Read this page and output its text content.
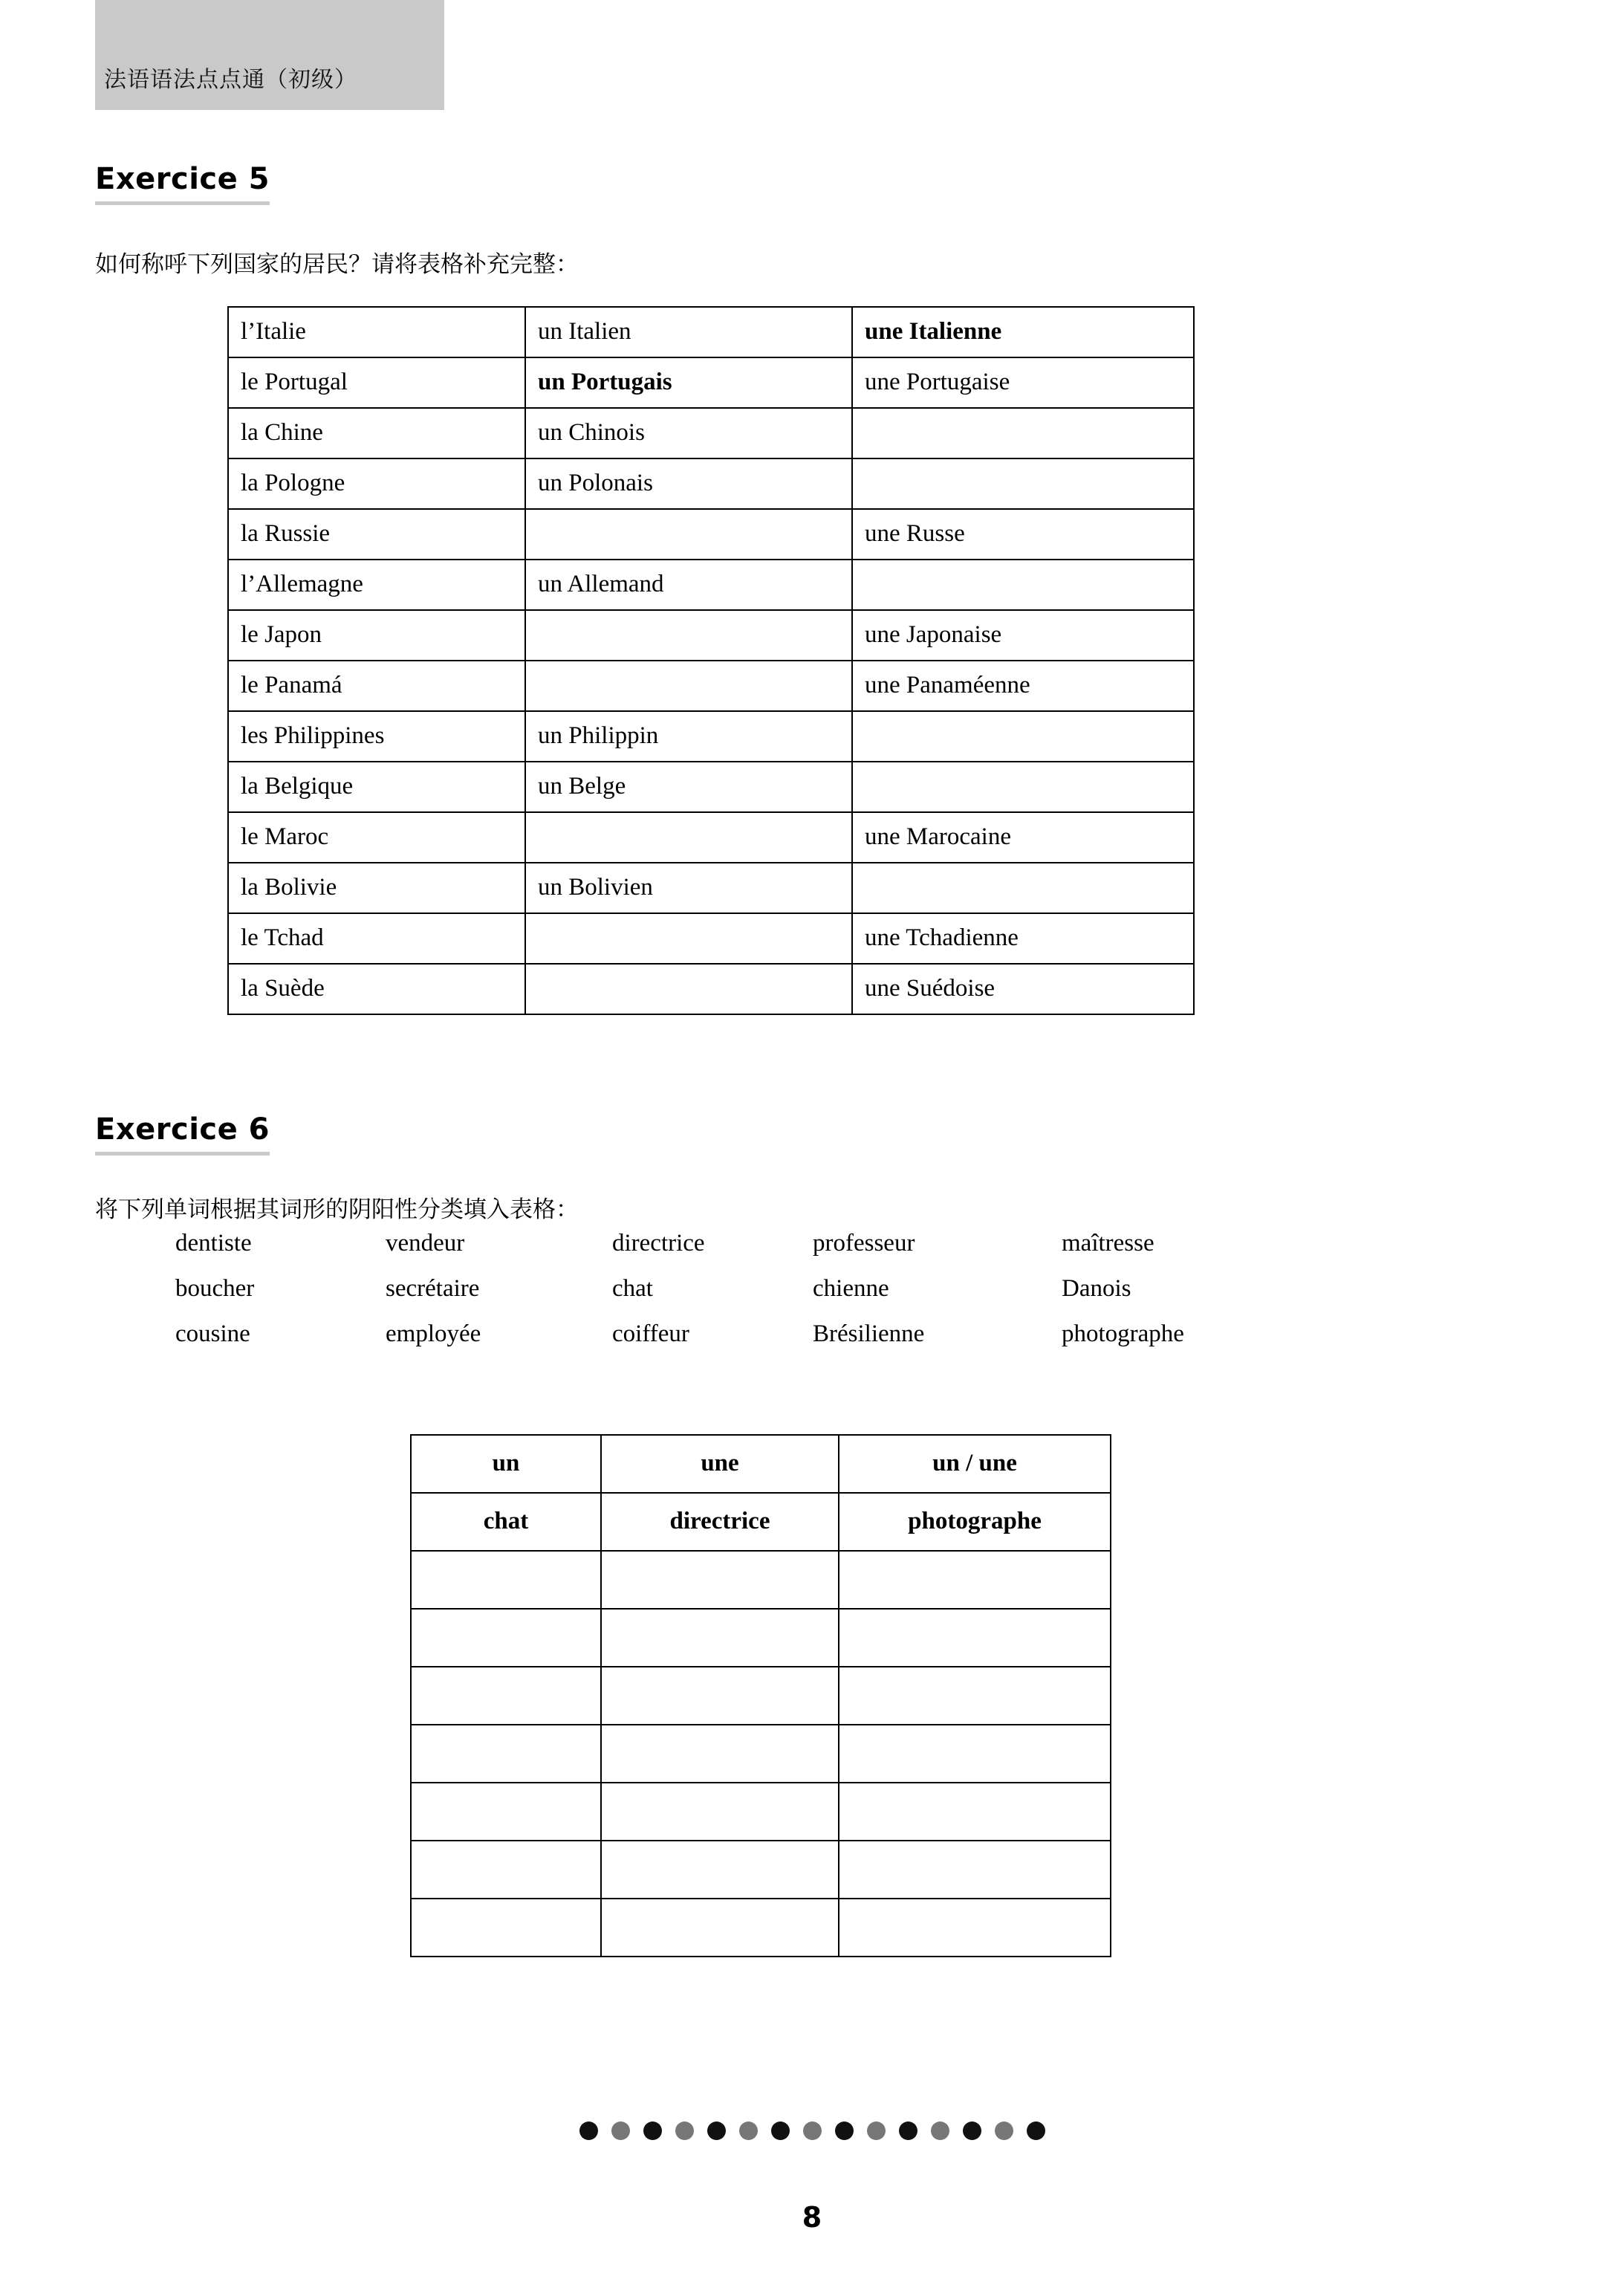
法语语法点点通（初级）
Exercice 5
如何称呼下列国家的居民？请将表格补充完整：
l’Italie	un Italien	une Italienne
le Portugal	un Portugais	une Portugaise
la Chine	un Chinois	
la Pologne	un Polonais	
la Russie		une Russe
l’Allemagne	un Allemand	
le Japon		une Japonaise
le Panamá		une Panaméenne
les Philippines	un Philippin	
la Belgique	un Belge	
le Maroc		une Marocaine
la Bolivie	un Bolivien	
le Tchad		une Tchadienne
la Suède		une Suédoise
Exercice 6
将下列单词根据其词形的阴阳性分类填入表格：
dentiste	vendeur	directrice	professeur	maîtresse
boucher	secrétaire	chat	chienne	Danois
cousine	employée	coiffeur	Brésilienne	photographe
un	une	un / une
chat	directrice	photographe

8
